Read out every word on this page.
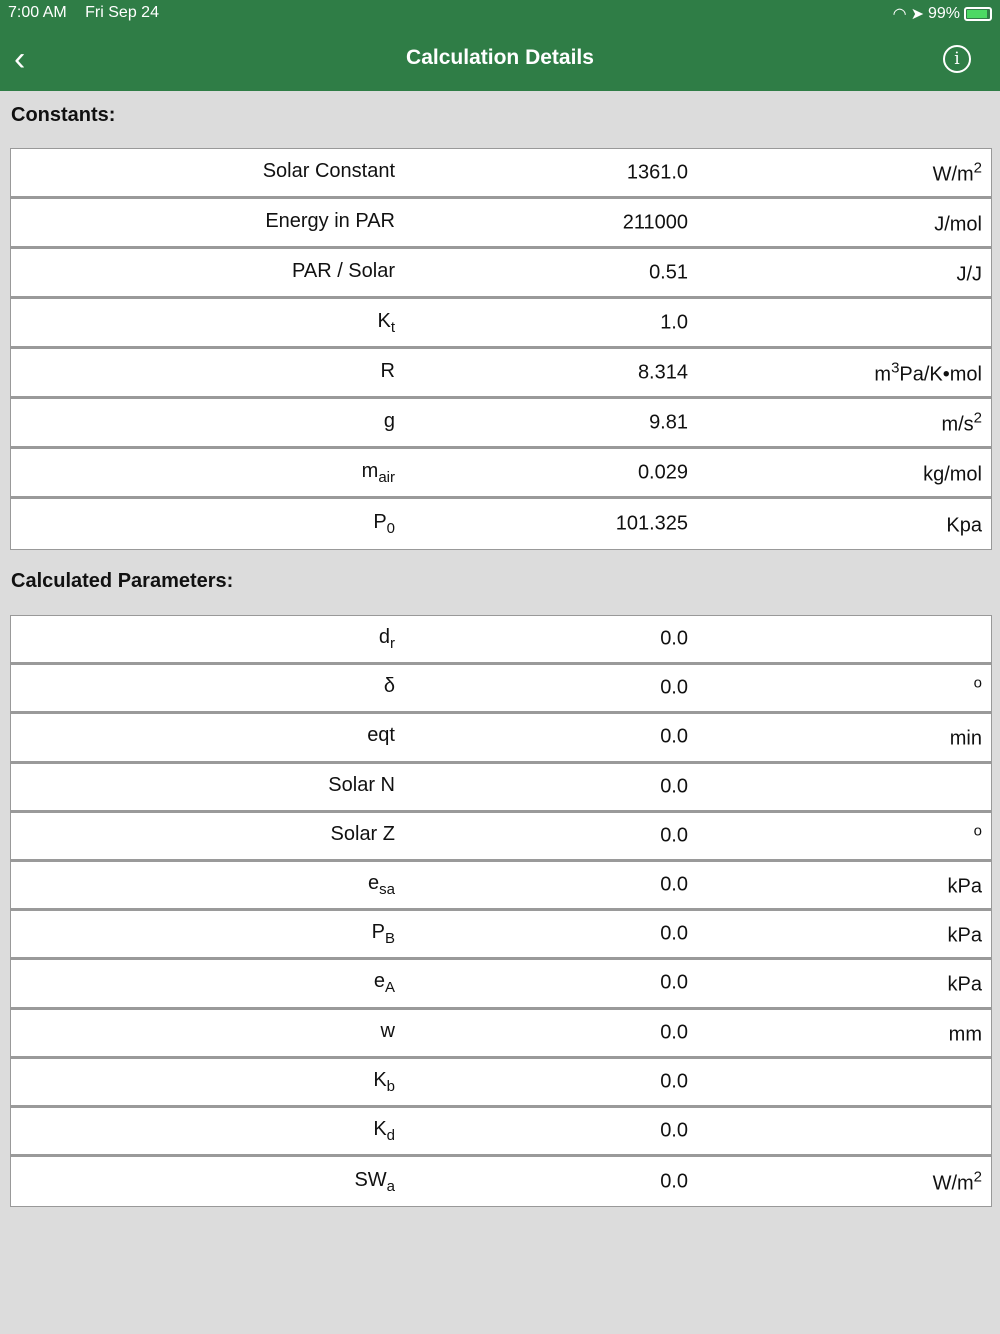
7:00 AM Fri Sep 24	◠ ➤ 99%
‹	Calculation Details	i
Constants:
Solar Constant	1361.0	$W/m^2$
Energy in PAR	211000	J/mol
PAR / Solar	0.51	J/J
$K_t$	1.0
R	8.314	$m^3Pa/K•mol$
g	9.81	$m/s^2$
$m_{air}$	0.029	kg/mol
$P_0$	101.325	Kpa
Calculated Parameters:
$d_r$	0.0
δ	0.0	$^o$
eqt	0.0	min
Solar N	0.0
Solar Z	0.0	$^o$
$e_{sa}$	0.0	kPa
$P_B$	0.0	kPa
$e_A$	0.0	kPa
w	0.0	mm
$K_b$	0.0
$K_d$	0.0
$SW_a$	0.0	$W/m^2$
